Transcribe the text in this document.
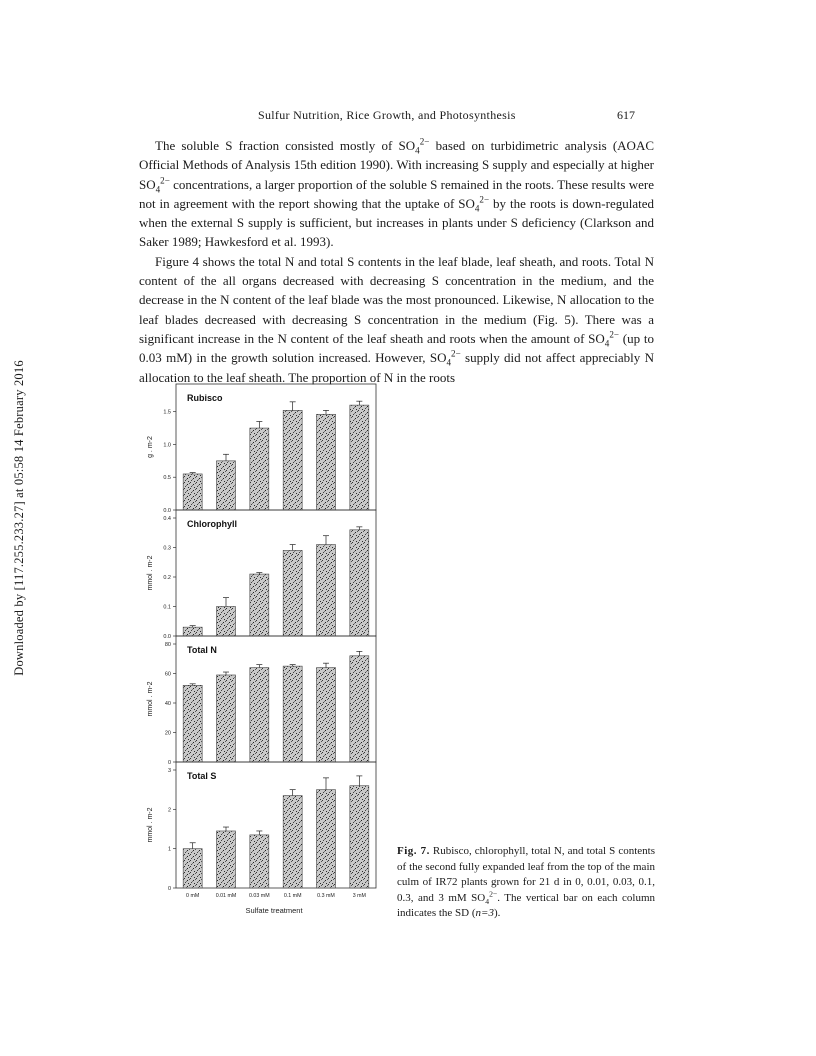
Sulfur Nutrition, Rice Growth, and Photosynthesis	617
Downloaded by [117.255.233.27] at 05:58 14 February 2016

The soluble S fraction consisted mostly of $SO_4^{2-}$ based on turbidimetric analysis (AOAC Official Methods of Analysis 15th edition 1990). With increasing S supply and especially at higher $SO_4^{2-}$ concentrations, a larger proportion of the soluble S remained in the roots. These results were not in agreement with the report showing that the uptake of $SO_4^{2-}$ by the roots is down-regulated when the external S supply is sufficient, but increases in plants under S deficiency (Clarkson and Saker 1989; Hawkesford et al. 1993).

Figure 4 shows the total N and total S contents in the leaf blade, leaf sheath, and roots. Total N content of the all organs decreased with decreasing S concentration in the medium, and the decrease in the N content of the leaf blade was the most pronounced. Likewise, N allocation to the leaf blades decreased with decreasing S concentration in the medium (Fig. 5). There was a significant increase in the N content of the leaf sheath and roots when the amount of $SO_4^{2-}$ (up to 0.03 mM) in the growth solution increased. However, $SO_4^{2-}$ supply did not affect appreciably N allocation to the leaf sheath. The proportion of N in the roots

0.0
0.5
1.0
1.5
g . m-2
Rubisco
0.0
0.1
0.2
0.3
0.4
mmol . m-2
Chlorophyll
0
20
40
60
80
mmol . m-2
Total N
0
1
2
3
mmol . m-2
Total S
0 mM	0.01 mM 0.03 mM	0.1 mM	0.3 mM	3 mM
Sulfate treatment
Fig. 7. Rubisco, chlorophyll, total N, and total S contents of the second fully expanded leaf from the top of the main culm of IR72 plants grown for 21 d in 0, 0.01, 0.03, 0.1, 0.3, and 3 mM $SO_4^{2-}$. The vertical bar on each column indicates the SD (n=3).
